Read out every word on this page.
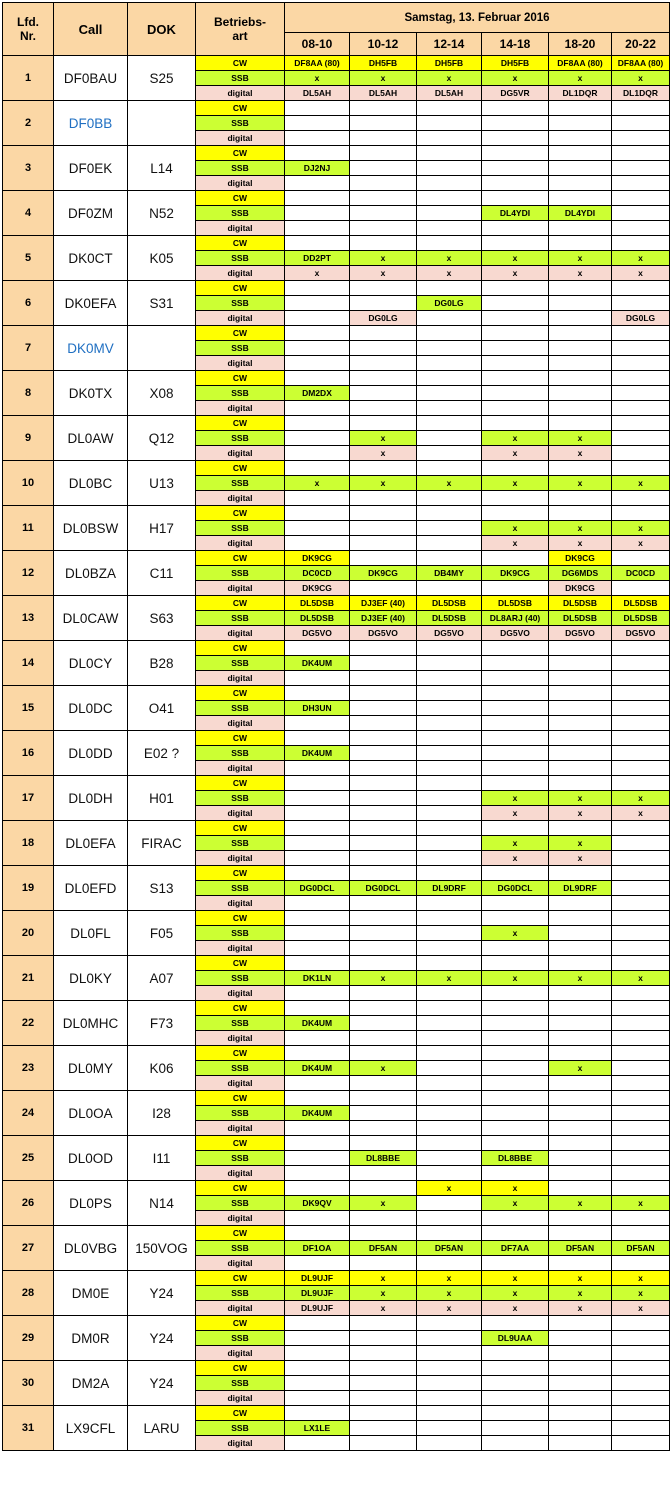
Lfd.
Nr.	Call	DOK	Betriebs-
art	Samstag, 13. Februar 2016					
				08-10	10-12	12-14	14-18	18-20	20-22
1	DF0BAU	S25	CW	DF8AA (80)	DH5FB	DH5FB	DH5FB	DF8AA (80)	DF8AA (80)
			SSB	x	x	x	x	x	x
			digital	DL5AH	DL5AH	DL5AH	DG5VR	DL1DQR	DL1DQR
2	DF0BB		CW						
			SSB						
			digital						
3	DF0EK	L14	CW						
			SSB	DJ2NJ					
			digital						
4	DF0ZM	N52	CW						
			SSB				DL4YDI	DL4YDI	
			digital						
5	DK0CT	K05	CW						
			SSB	DD2PT	x	x	x	x	x
			digital	x	x	x	x	x	x
6	DK0EFA	S31	CW						
			SSB			DG0LG			
			digital		DG0LG				DG0LG
7	DK0MV		CW						
			SSB						
			digital						
8	DK0TX	X08	CW						
			SSB	DM2DX					
			digital						
9	DL0AW	Q12	CW						
			SSB		x		x	x	
			digital		x		x	x	
10	DL0BC	U13	CW						
			SSB	x	x	x	x	x	x
			digital						
11	DL0BSW	H17	CW						
			SSB				x	x	x
			digital				x	x	x
12	DL0BZA	C11	CW	DK9CG				DK9CG	
			SSB	DC0CD	DK9CG	DB4MY	DK9CG	DG6MDS	DC0CD
			digital	DK9CG				DK9CG	
13	DL0CAW	S63	CW	DL5DSB	DJ3EF (40)	DL5DSB	DL5DSB	DL5DSB	DL5DSB
			SSB	DL5DSB	DJ3EF (40)	DL5DSB	DL8ARJ (40)	DL5DSB	DL5DSB
			digital	DG5VO	DG5VO	DG5VO	DG5VO	DG5VO	DG5VO
14	DL0CY	B28	CW						
			SSB	DK4UM					
			digital						
15	DL0DC	O41	CW						
			SSB	DH3UN					
			digital						
16	DL0DD	E02 ?	CW						
			SSB	DK4UM					
			digital						
17	DL0DH	H01	CW						
			SSB				x	x	x
			digital				x	x	x
18	DL0EFA	FIRAC	CW						
			SSB				x	x	
			digital				x	x	
19	DL0EFD	S13	CW						
			SSB	DG0DCL	DG0DCL	DL9DRF	DG0DCL	DL9DRF	
			digital						
20	DL0FL	F05	CW						
			SSB				x		
			digital						
21	DL0KY	A07	CW						
			SSB	DK1LN	x	x	x	x	x
			digital						
22	DL0MHC	F73	CW						
			SSB	DK4UM					
			digital						
23	DL0MY	K06	CW						
			SSB	DK4UM	x			x	
			digital						
24	DL0OA	I28	CW						
			SSB	DK4UM					
			digital						
25	DL0OD	I11	CW						
			SSB		DL8BBE		DL8BBE		
			digital						
26	DL0PS	N14	CW			x	x		
			SSB	DK9QV	x		x	x	x
			digital						
27	DL0VBG	150VOG	CW						
			SSB	DF1OA	DF5AN	DF5AN	DF7AA	DF5AN	DF5AN
			digital						
28	DM0E	Y24	CW	DL9UJF	x	x	x	x	x
			SSB	DL9UJF	x	x	x	x	x
			digital	DL9UJF	x	x	x	x	x
29	DM0R	Y24	CW						
			SSB				DL9UAA		
			digital						
30	DM2A	Y24	CW						
			SSB						
			digital						
31	LX9CFL	LARU	CW						
			SSB	LX1LE					
			digital						
